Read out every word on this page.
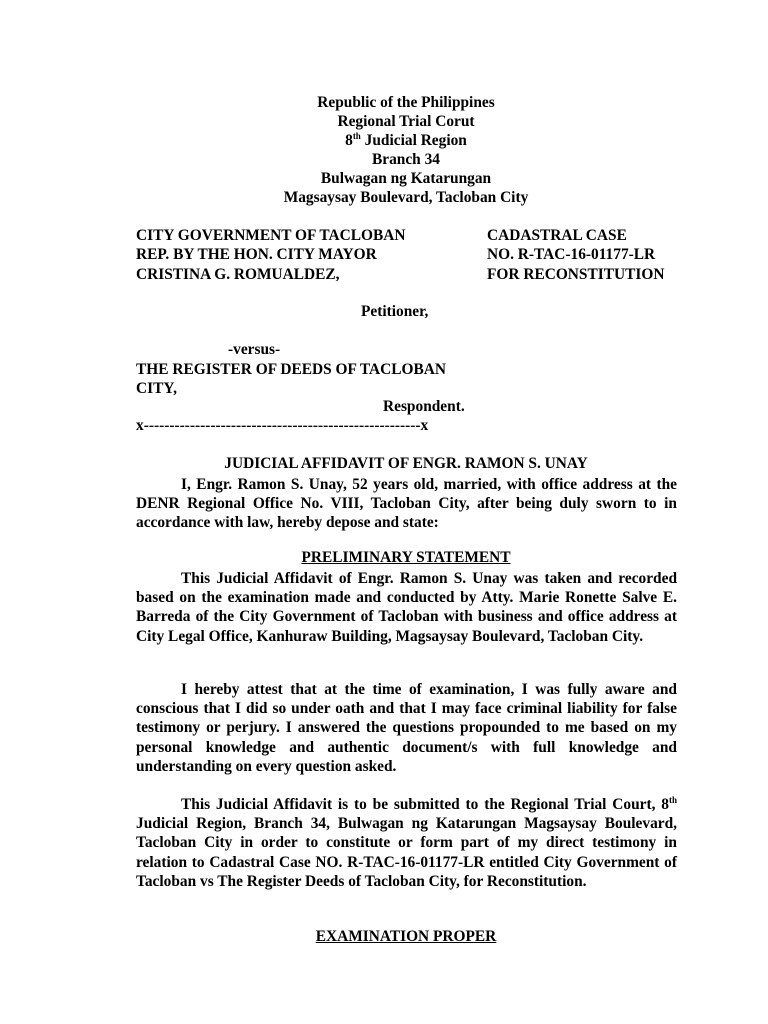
Republic of the Philippines
Regional Trial Corut
8th Judicial Region
Branch 34
Bulwagan ng Katarungan
Magsaysay Boulevard, Tacloban City
CITY GOVERNMENT OF TACLOBAN
REP. BY THE HON. CITY MAYOR
CRISTINA G. ROMUALDEZ,
CADASTRAL CASE
NO. R-TAC-16-01177-LR
FOR RECONSTITUTION
Petitioner,
-versus-
THE REGISTER OF DEEDS OF TACLOBAN
CITY,
Respondent.
x------------------------------------------------------x
JUDICIAL AFFIDAVIT OF ENGR. RAMON S. UNAY
I, Engr. Ramon S. Unay, 52 years old, married, with office address at the DENR Regional Office No. VIII, Tacloban City, after being duly sworn to in accordance with law, hereby depose and state:
PRELIMINARY STATEMENT
This Judicial Affidavit of Engr. Ramon S. Unay was taken and recorded based on the examination made and conducted by Atty. Marie Ronette Salve E. Barreda of the City Government of Tacloban with business and office address at City Legal Office, Kanhuraw Building, Magsaysay Boulevard, Tacloban City.
I hereby attest that at the time of examination, I was fully aware and conscious that I did so under oath and that I may face criminal liability for false testimony or perjury. I answered the questions propounded to me based on my personal knowledge and authentic document/s with full knowledge and understanding on every question asked.
This Judicial Affidavit is to be submitted to the Regional Trial Court, 8th Judicial Region, Branch 34, Bulwagan ng Katarungan Magsaysay Boulevard, Tacloban City in order to constitute or form part of my direct testimony in relation to Cadastral Case NO. R-TAC-16-01177-LR entitled City Government of Tacloban vs The Register Deeds of Tacloban City, for Reconstitution.
EXAMINATION PROPER
